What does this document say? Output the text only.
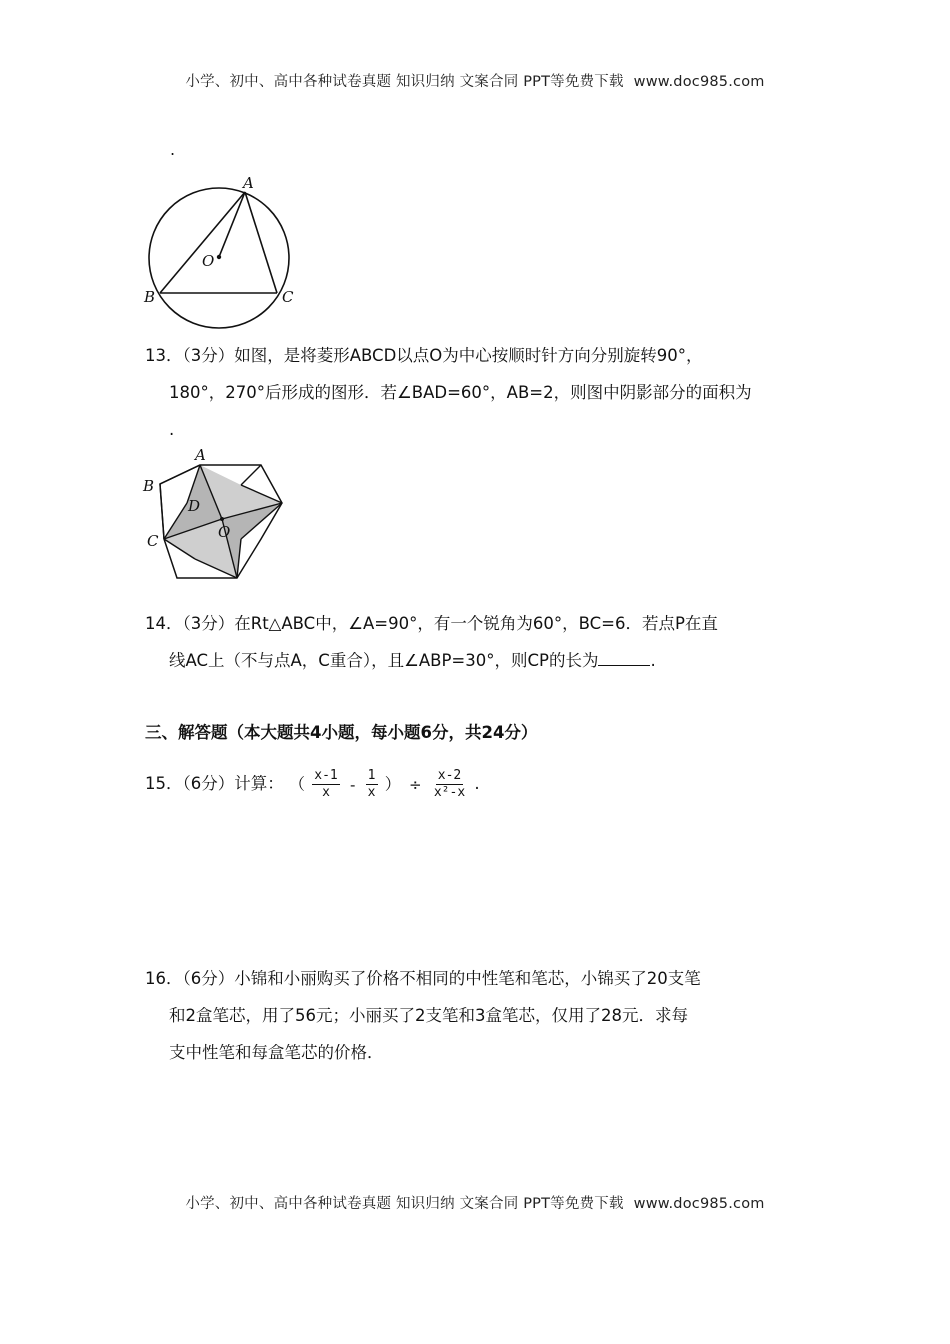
小学、初中、高中各种试卷真题 知识归纳 文案合同 PPT等免费下载 www.doc985.com
.
A
B	C
O
13．（3分）如图，是将菱形ABCD以点O为中心按顺时针方向分别旋转90°，
180°，270°后形成的图形．若∠BAD=60°，AB=2，则图中阴影部分的面积为
.
A
B
C
D
O
14．（3分）在Rt△ABC中，∠A=90°，有一个锐角为60°，BC=6．若点P在直
线AC上（不与点A，C重合），且∠ABP=30°，则CP的长为	.
三、解答题（本大题共4小题，每小题6分，共24分）
15．（6分）计算： （ $\frac{x-1}{x} - \frac{1}{x}$ ） ÷ $\frac{x-2}{\text{x²-x}}$ .
16．（6分）小锦和小丽购买了价格不相同的中性笔和笔芯，小锦买了20支笔
和2盒笔芯，用了56元；小丽买了2支笔和3盒笔芯，仅用了28元．求每
支中性笔和每盒笔芯的价格．
小学、初中、高中各种试卷真题 知识归纳 文案合同 PPT等免费下载 www.doc985.com
